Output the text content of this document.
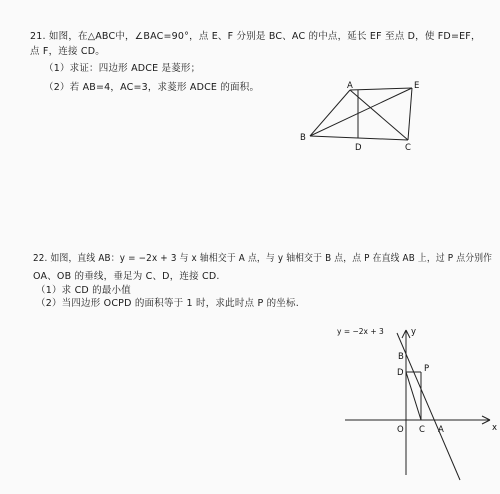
21. 如图，在△ABC中，∠BAC=90°，点 E、F 分别是 BC、AC 的中点，延长 EF 至点 D，使 FD=EF，
点 F，连接 CD。
（1）求证：四边形 ADCE 是菱形；
（2）若 AB=4，AC=3，求菱形 ADCE 的面积。	A	E
B
D	C
22. 如图，直线 AB：y = −2x + 3 与 x 轴相交于 A 点，与 y 轴相交于 B 点，点 P 在直线 AB 上，过 P 点分别作
OA、OB 的垂线，垂足为 C、D，连接 CD.
（1）求 CD 的最小值
（2）当四边形 OCPD 的面积等于 1 时，求此时点 P 的坐标.
y = −2x + 3	y
x
B
D P
O C A
